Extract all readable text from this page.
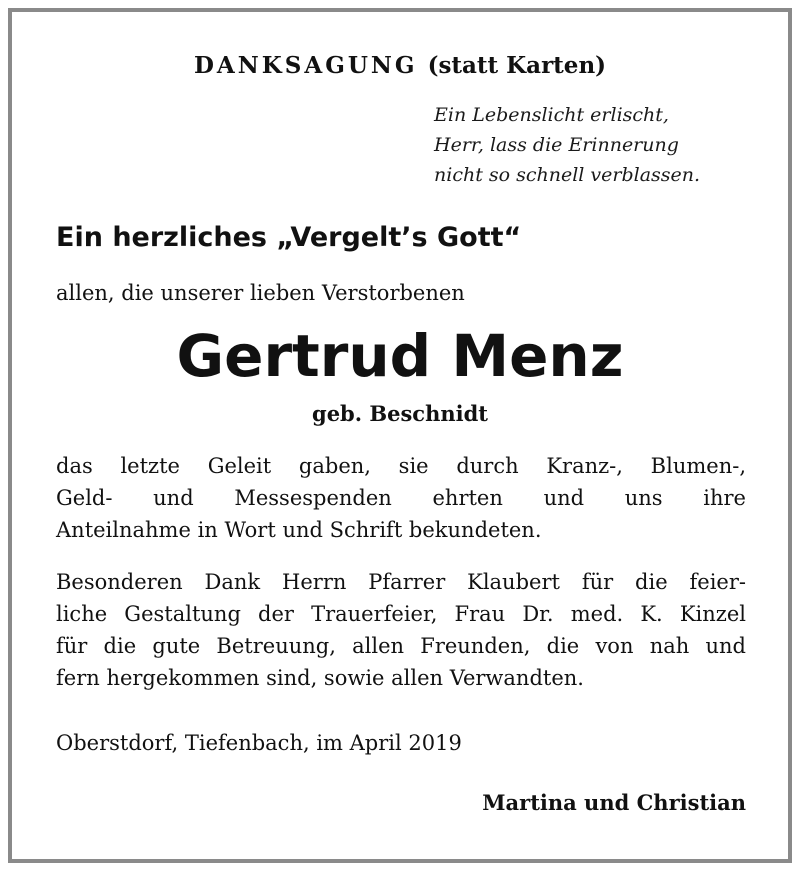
DANKSAGUNG (statt Karten)
Ein Lebenslicht erlischt,
Herr, lass die Erinnerung
nicht so schnell verblassen.
Ein herzliches „Vergelt’s Gott“
allen, die unserer lieben Verstorbenen
Gertrud Menz
geb. Beschnidt
das letzte Geleit gaben, sie durch Kranz-, Blumen-,
Geld- und Messespenden ehrten und uns ihre
Anteilnahme in Wort und Schrift bekundeten.
Besonderen Dank Herrn Pfarrer Klaubert für die feier-
liche Gestaltung der Trauerfeier, Frau Dr. med. K. Kinzel
für die gute Betreuung, allen Freunden, die von nah und
fern hergekommen sind, sowie allen Verwandten.
Oberstdorf, Tiefenbach, im April 2019
Martina und Christian
